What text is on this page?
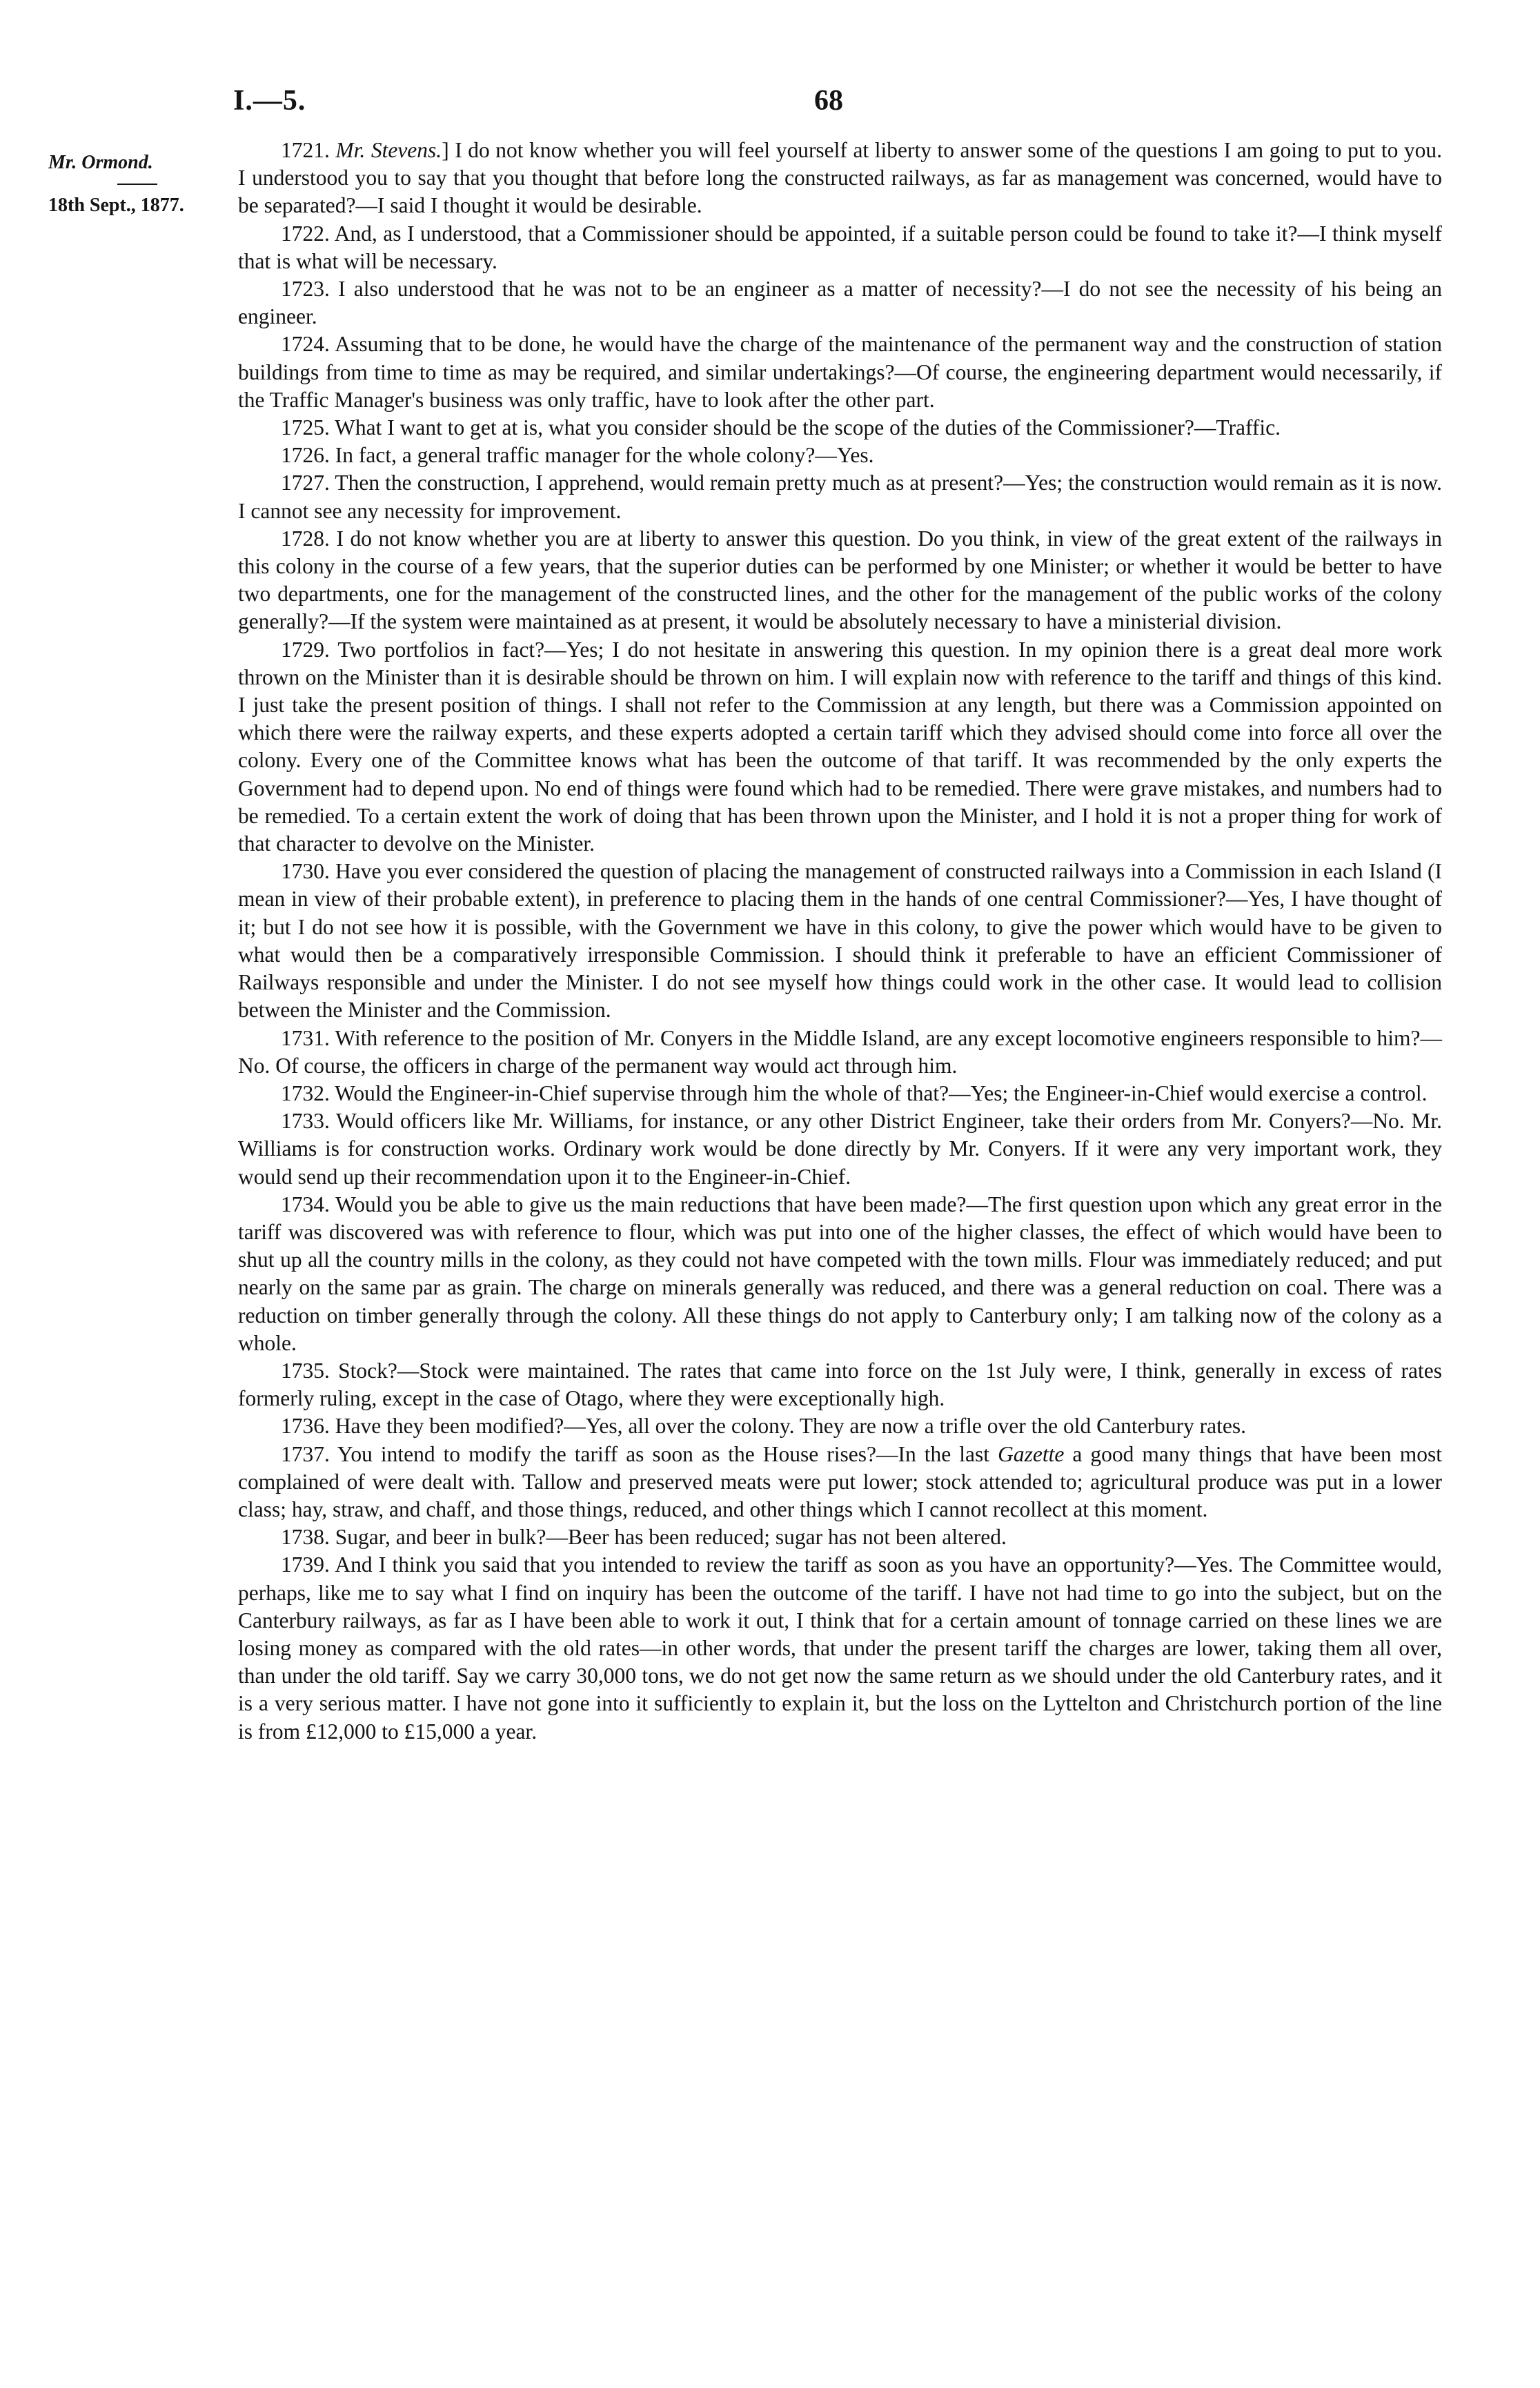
I.—5.	68
Mr. Ormond.
18th Sept., 1877.

1721. Mr. Stevens.] I do not know whether you will feel yourself at liberty to answer some of the questions I am going to put to you. I understood you to say that you thought that before long the constructed railways, as far as management was concerned, would have to be separated?—I said I thought it would be desirable.

1722. And, as I understood, that a Commissioner should be appointed, if a suitable person could be found to take it?—I think myself that is what will be necessary.

1723. I also understood that he was not to be an engineer as a matter of necessity?—I do not see the necessity of his being an engineer.

1724. Assuming that to be done, he would have the charge of the maintenance of the permanent way and the construction of station buildings from time to time as may be required, and similar undertakings?—Of course, the engineering department would necessarily, if the Traffic Manager's business was only traffic, have to look after the other part.

1725. What I want to get at is, what you consider should be the scope of the duties of the Commissioner?—Traffic.

1726. In fact, a general traffic manager for the whole colony?—Yes.

1727. Then the construction, I apprehend, would remain pretty much as at present?—Yes; the construction would remain as it is now. I cannot see any necessity for improvement.

1728. I do not know whether you are at liberty to answer this question. Do you think, in view of the great extent of the railways in this colony in the course of a few years, that the superior duties can be performed by one Minister; or whether it would be better to have two departments, one for the management of the constructed lines, and the other for the management of the public works of the colony generally?—If the system were maintained as at present, it would be absolutely necessary to have a ministerial division.

1729. Two portfolios in fact?—Yes; I do not hesitate in answering this question. In my opinion there is a great deal more work thrown on the Minister than it is desirable should be thrown on him. I will explain now with reference to the tariff and things of this kind. I just take the present position of things. I shall not refer to the Commission at any length, but there was a Commission appointed on which there were the railway experts, and these experts adopted a certain tariff which they advised should come into force all over the colony. Every one of the Committee knows what has been the outcome of that tariff. It was recommended by the only experts the Government had to depend upon. No end of things were found which had to be remedied. There were grave mistakes, and numbers had to be remedied. To a certain extent the work of doing that has been thrown upon the Minister, and I hold it is not a proper thing for work of that character to devolve on the Minister.

1730. Have you ever considered the question of placing the management of constructed railways into a Commission in each Island (I mean in view of their probable extent), in preference to placing them in the hands of one central Commissioner?—Yes, I have thought of it; but I do not see how it is possible, with the Government we have in this colony, to give the power which would have to be given to what would then be a comparatively irresponsible Commission. I should think it preferable to have an efficient Commissioner of Railways responsible and under the Minister. I do not see myself how things could work in the other case. It would lead to collision between the Minister and the Commission.

1731. With reference to the position of Mr. Conyers in the Middle Island, are any except locomotive engineers responsible to him?—No. Of course, the officers in charge of the permanent way would act through him.

1732. Would the Engineer-in-Chief supervise through him the whole of that?—Yes; the Engineer-in-Chief would exercise a control.

1733. Would officers like Mr. Williams, for instance, or any other District Engineer, take their orders from Mr. Conyers?—No. Mr. Williams is for construction works. Ordinary work would be done directly by Mr. Conyers. If it were any very important work, they would send up their recommendation upon it to the Engineer-in-Chief.

1734. Would you be able to give us the main reductions that have been made?—The first question upon which any great error in the tariff was discovered was with reference to flour, which was put into one of the higher classes, the effect of which would have been to shut up all the country mills in the colony, as they could not have competed with the town mills. Flour was immediately reduced; and put nearly on the same par as grain. The charge on minerals generally was reduced, and there was a general reduction on coal. There was a reduction on timber generally through the colony. All these things do not apply to Canterbury only; I am talking now of the colony as a whole.

1735. Stock?—Stock were maintained. The rates that came into force on the 1st July were, I think, generally in excess of rates formerly ruling, except in the case of Otago, where they were exceptionally high.

1736. Have they been modified?—Yes, all over the colony. They are now a trifle over the old Canterbury rates.

1737. You intend to modify the tariff as soon as the House rises?—In the last Gazette a good many things that have been most complained of were dealt with. Tallow and preserved meats were put lower; stock attended to; agricultural produce was put in a lower class; hay, straw, and chaff, and those things, reduced, and other things which I cannot recollect at this moment.

1738. Sugar, and beer in bulk?—Beer has been reduced; sugar has not been altered.

1739. And I think you said that you intended to review the tariff as soon as you have an opportunity?—Yes. The Committee would, perhaps, like me to say what I find on inquiry has been the outcome of the tariff. I have not had time to go into the subject, but on the Canterbury railways, as far as I have been able to work it out, I think that for a certain amount of tonnage carried on these lines we are losing money as compared with the old rates—in other words, that under the present tariff the charges are lower, taking them all over, than under the old tariff. Say we carry 30,000 tons, we do not get now the same return as we should under the old Canterbury rates, and it is a very serious matter. I have not gone into it sufficiently to explain it, but the loss on the Lyttelton and Christchurch portion of the line is from £12,000 to £15,000 a year.
